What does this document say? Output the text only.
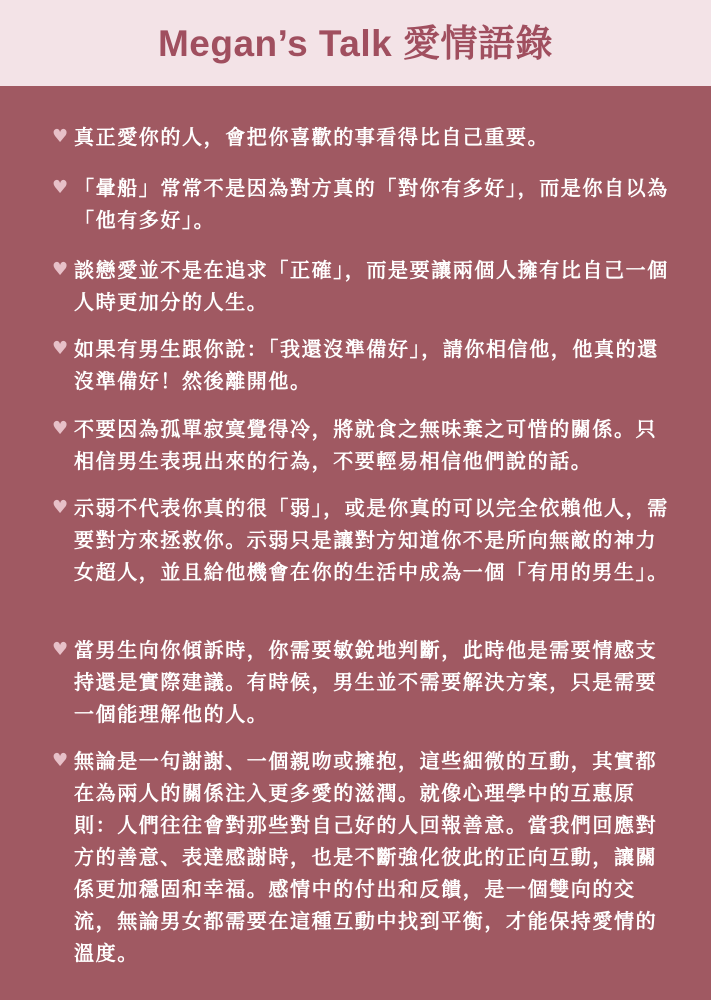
Megan’s Talk 愛情語錄
♥ 真正愛你的人，會把你喜歡的事看得比自己重要。
♥ 「暈船」常常不是因為對方真的「對你有多好」，而是你自以為「他有多好」。
♥ 談戀愛並不是在追求「正確」，而是要讓兩個人擁有比自己一個人時更加分的人生。
♥ 如果有男生跟你說：「我還沒準備好」，請你相信他，他真的還沒準備好！然後離開他。
♥ 不要因為孤單寂寞覺得冷，將就食之無味棄之可惜的關係。只相信男生表現出來的行為，不要輕易相信他們說的話。
♥ 示弱不代表你真的很「弱」，或是你真的可以完全依賴他人，需要對方來拯救你。示弱只是讓對方知道你不是所向無敵的神力女超人，並且給他機會在你的生活中成為一個「有用的男生」。
♥ 當男生向你傾訴時，你需要敏銳地判斷，此時他是需要情感支持還是實際建議。有時候，男生並不需要解決方案，只是需要一個能理解他的人。
♥ 無論是一句謝謝、一個親吻或擁抱，這些細微的互動，其實都在為兩人的關係注入更多愛的滋潤。就像心理學中的互惠原則：人們往往會對那些對自己好的人回報善意。當我們回應對方的善意、表達感謝時，也是不斷強化彼此的正向互動，讓關係更加穩固和幸福。感情中的付出和反饋，是一個雙向的交流，無論男女都需要在這種互動中找到平衡，才能保持愛情的溫度。
